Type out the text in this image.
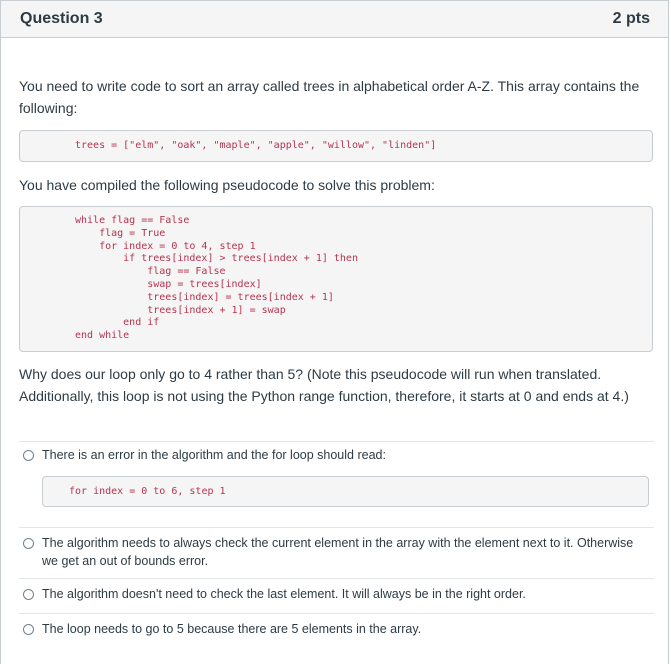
Question 3	2 pts
You need to write code to sort an array called trees in alphabetical order A-Z. This array contains the following:
trees = ["elm", "oak", "maple", "apple", "willow", "linden"]
You have compiled the following pseudocode to solve this problem:
while flag == False
flag = True
for index = 0 to 4, step 1
if trees[index] > trees[index + 1] then
flag == False
swap = trees[index]
trees[index] = trees[index + 1]
trees[index + 1] = swap
end if
end while
Why does our loop only go to 4 rather than 5? (Note this pseudocode will run when translated. Additionally, this loop is not using the Python range function, therefore, it starts at 0 and ends at 4.)
There is an error in the algorithm and the for loop should read:
for index = 0 to 6, step 1
The algorithm needs to always check the current element in the array with the element next to it. Otherwise we get an out of bounds error.
The algorithm doesn't need to check the last element. It will always be in the right order.
The loop needs to go to 5 because there are 5 elements in the array.
